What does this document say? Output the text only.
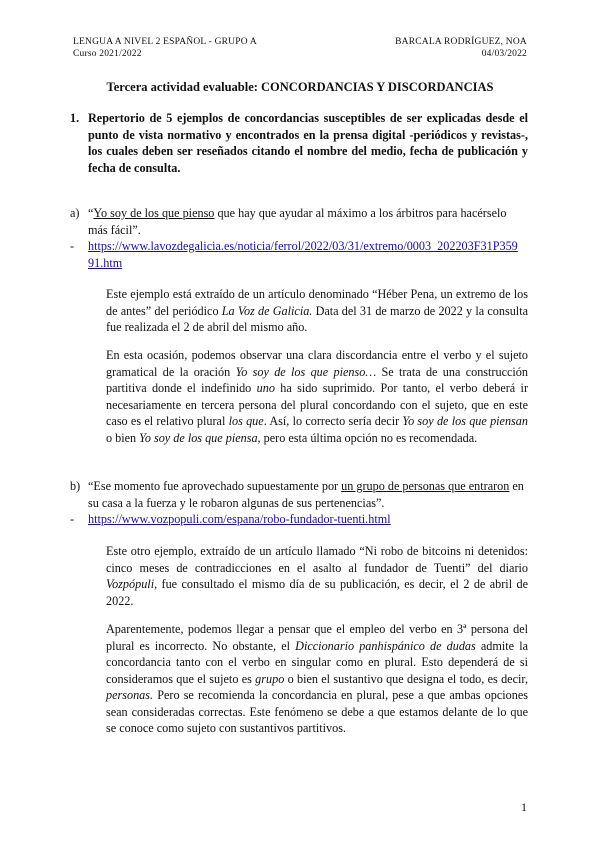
LENGUA A NIVEL 2 ESPAÑOL - GRUPO A
Curso 2021/2022
BARCALA RODRÍGUEZ, NOA
04/03/2022
Tercera actividad evaluable: CONCORDANCIAS Y DISCORDANCIAS
1. Repertorio de 5 ejemplos de concordancias susceptibles de ser explicadas desde el punto de vista normativo y encontrados en la prensa digital -periódicos y revistas-, los cuales deben ser reseñados citando el nombre del medio, fecha de publicación y fecha de consulta.
a) “Yo soy de los que pienso que hay que ayudar al máximo a los árbitros para hacérselo más fácil”.
- https://www.lavozdegalicia.es/noticia/ferrol/2022/03/31/extremo/0003_202203F31P35991.htm
Este ejemplo está extraído de un artículo denominado “Héber Pena, un extremo de los de antes” del periódico La Voz de Galicia. Data del 31 de marzo de 2022 y la consulta fue realizada el 2 de abril del mismo año.
En esta ocasión, podemos observar una clara discordancia entre el verbo y el sujeto gramatical de la oración Yo soy de los que pienso… Se trata de una construcción partitiva donde el indefinido uno ha sido suprimido. Por tanto, el verbo deberá ir necesariamente en tercera persona del plural concordando con el sujeto, que en este caso es el relativo plural los que. Así, lo correcto sería decir Yo soy de los que piensan o bien Yo soy de los que piensa, pero esta última opción no es recomendada.
b) “Ese momento fue aprovechado supuestamente por un grupo de personas que entraron en su casa a la fuerza y le robaron algunas de sus pertenencias”.
- https://www.vozpopuli.com/espana/robo-fundador-tuenti.html
Este otro ejemplo, extraído de un artículo llamado “Ni robo de bitcoins ni detenidos: cinco meses de contradicciones en el asalto al fundador de Tuenti” del diario Vozpópuli, fue consultado el mismo día de su publicación, es decir, el 2 de abril de 2022.
Aparentemente, podemos llegar a pensar que el empleo del verbo en 3ª persona del plural es incorrecto. No obstante, el Diccionario panhispánico de dudas admite la concordancia tanto con el verbo en singular como en plural. Esto dependerá de si consideramos que el sujeto es grupo o bien el sustantivo que designa el todo, es decir, personas. Pero se recomienda la concordancia en plural, pese a que ambas opciones sean consideradas correctas. Este fenómeno se debe a que estamos delante de lo que se conoce como sujeto con sustantivos partitivos.
1
